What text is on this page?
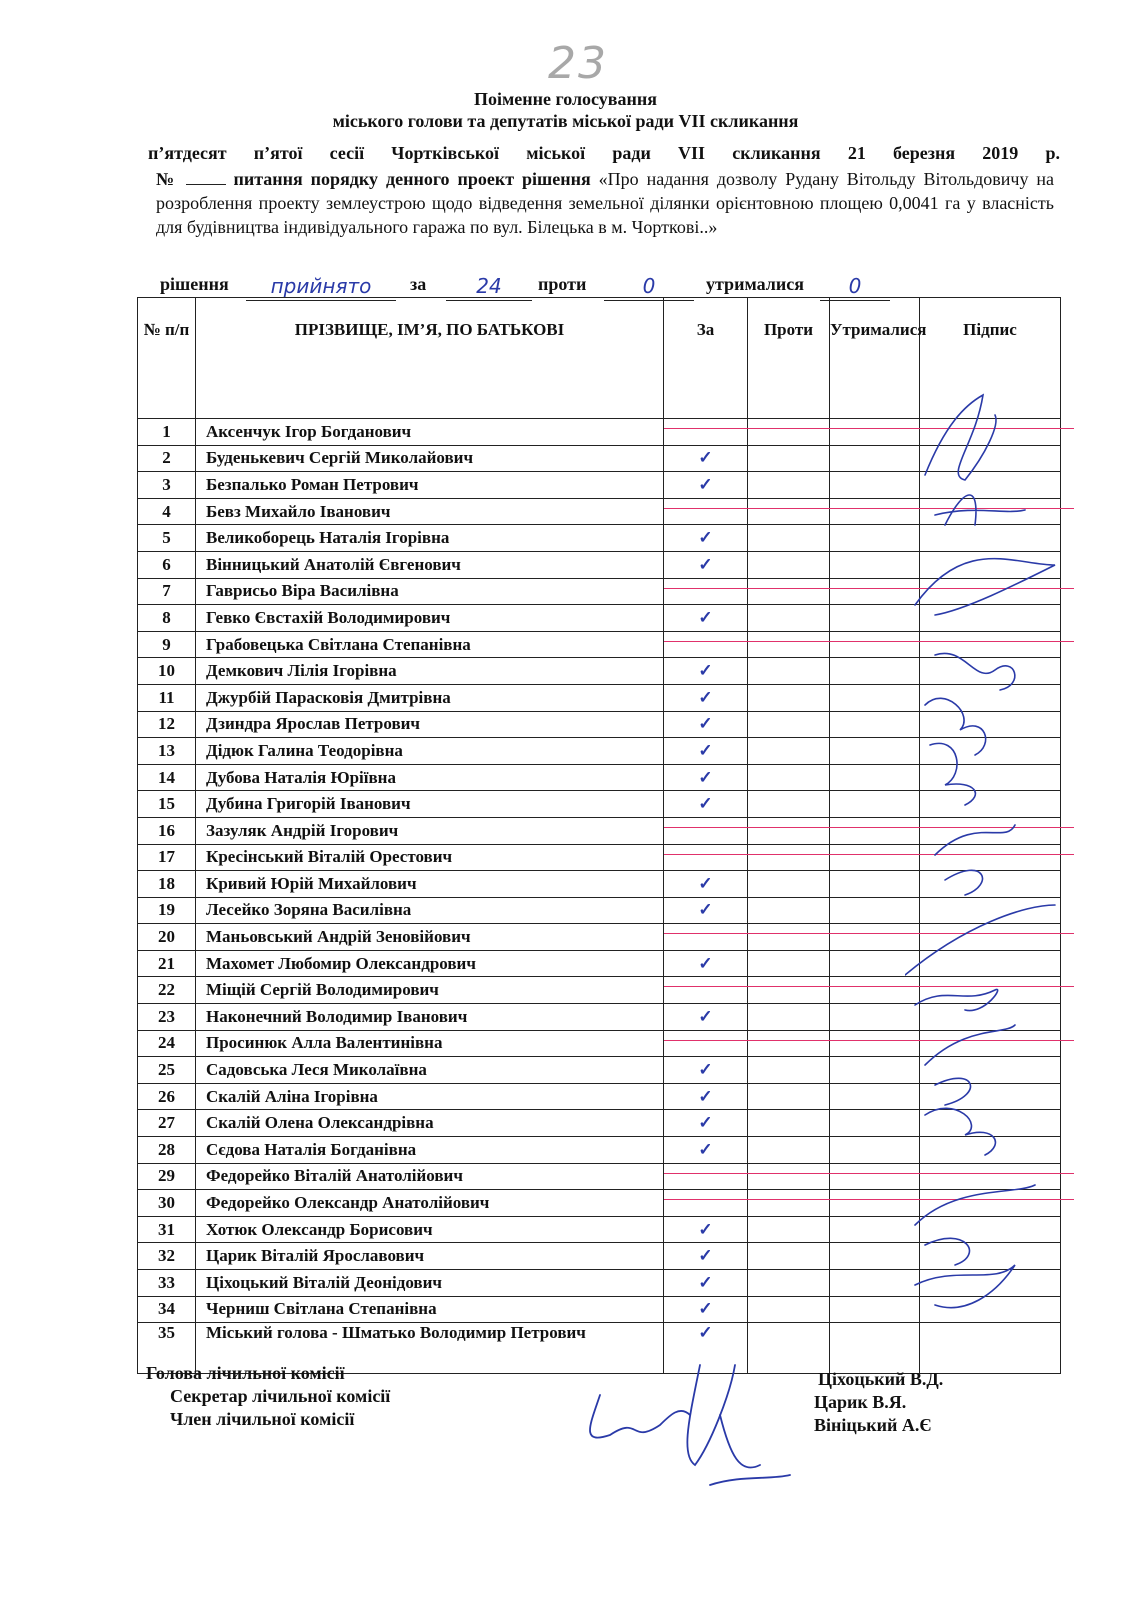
23
Поіменне голосування
міського голови та депутатів міської ради VII скликання
п’ятдесят п’ятої сесії Чортківської міської ради VII скликання 21 березня 2019 р.
№	питання порядку денного проект рішення «Про надання дозволу Рудану Вітольду Вітольдовичу на розроблення проекту землеустрою щодо відведення земельної ділянки орієнтовною площею 0,0041 га у власність для будівництва індивідуального гаража по вул. Білецька в м. Чорткові..»
рішення	прийнято	за	24	проти	0	утрималися	0
№ п/п	ПРІЗВИЩЕ, ІМ’Я, ПО БАТЬКОВІ	За	Проти	Утрималися	Підпис
1	Аксенчук Ігор Богданович				
2	Буденькевич Сергій Миколайович	✓			
3	Безпалько Роман Петрович	✓			
4	Бевз Михайло Іванович				
5	Великоборець Наталія Ігорівна	✓			
6	Вінницький Анатолій Євгенович	✓			
7	Гаврисьо Віра Василівна				
8	Гевко Євстахій Володимирович	✓			
9	Грабовецька Світлана Степанівна				
10	Демкович Лілія Ігорівна	✓			
11	Джурбій Парасковія Дмитрівна	✓			
12	Дзиндра Ярослав Петрович	✓			
13	Дідюк Галина Теодорівна	✓			
14	Дубова Наталія Юріївна	✓			
15	Дубина Григорій Іванович	✓			
16	Зазуляк Андрій Ігорович				
17	Кресінський Віталій Орестович				
18	Кривий Юрій Михайлович	✓			
19	Лесейко Зоряна Василівна	✓			
20	Маньовський Андрій Зеновійович				
21	Махомет Любомир Олександрович	✓			
22	Міщій Сергій Володимирович				
23	Наконечний Володимир Іванович	✓			
24	Просинюк Алла Валентинівна				
25	Садовська Леся Миколаївна	✓			
26	Скалій Аліна Ігорівна	✓			
27	Скалій Олена Олександрівна	✓			
28	Сєдова Наталія Богданівна	✓			
29	Федорейко Віталій Анатолійович				
30	Федорейко Олександр Анатолійович				
31	Хотюк Олександр Борисович	✓			
32	Царик Віталій Ярославович	✓			
33	Ціхоцький Віталій Деонідович	✓			
34	Черниш Світлана Степанівна	✓			
35	Міський голова - Шматько Володимир Петрович	✓			
Голова лічильної комісії
Секретар лічильної комісії
Член лічильної комісії
Ціхоцький В.Д.
Царик В.Я.
Вініцький А.Є
